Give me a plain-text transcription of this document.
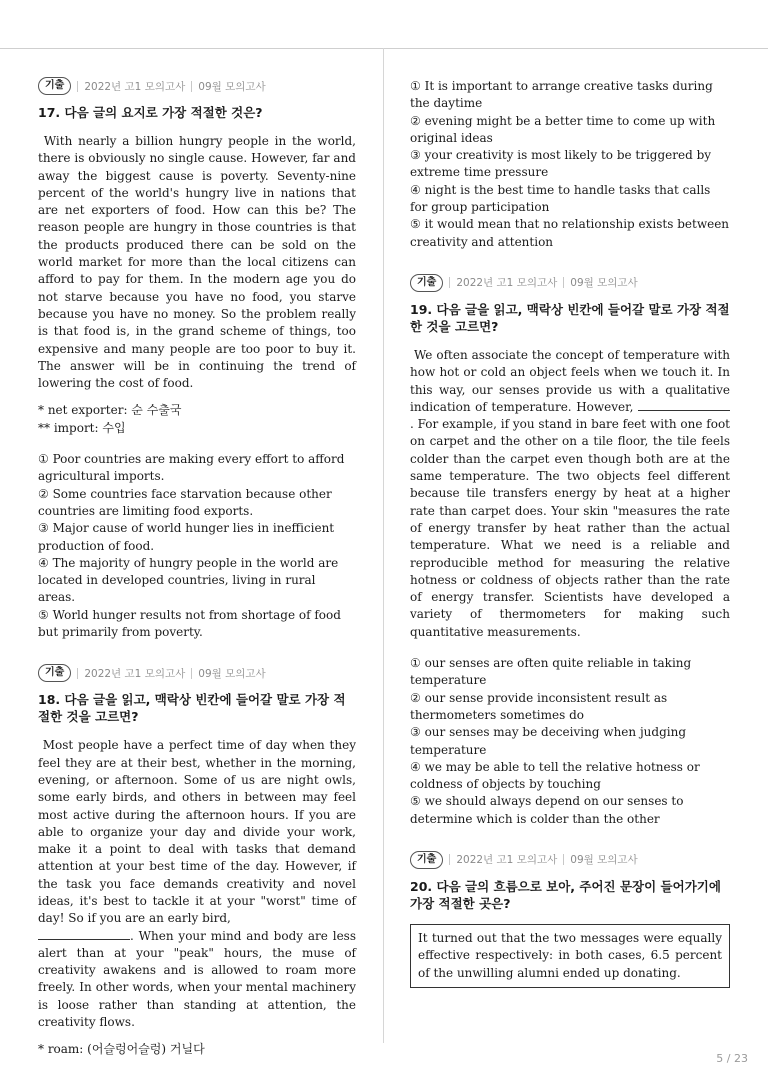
기출	2022년 고1 모의고사 09월 모의고사
17. 다음 글의 요지로 가장 적절한 것은?

With nearly a billion hungry people in the world, there is obviously no single cause. However, far and away the biggest cause is poverty. Seventy-nine percent of the world's hungry live in nations that are net exporters of food. How can this be? The reason people are hungry in those countries is that the products produced there can be sold on the world market for more than the local citizens can afford to pay for them. In the modern age you do not starve because you have no food, you starve because you have no money. So the problem really is that food is, in the grand scheme of things, too expensive and many people are too poor to buy it. The answer will be in continuing the trend of lowering the cost of food.

* net exporter: 순 수출국
** import: 수입
① Poor countries are making every effort to afford agricultural imports.
② Some countries face starvation because other countries are limiting food exports.
③ Major cause of world hunger lies in inefficient production of food.
④ The majority of hungry people in the world are located in developed countries, living in rural areas.
⑤ World hunger results not from shortage of food but primarily from poverty.
기출	2022년 고1 모의고사 09월 모의고사
18. 다음 글을 읽고, 맥락상 빈칸에 들어갈 말로 가장 적절한 것을 고르면?

Most people have a perfect time of day when they feel they are at their best, whether in the morning, evening, or afternoon. Some of us are night owls, some early birds, and others in between may feel most active during the afternoon hours. If you are able to organize your day and divide your work, make it a point to deal with tasks that demand attention at your best time of the day. However, if the task you face demands creativity and novel ideas, it's best to tackle it at your "worst" time of day! So if you are an early bird,
. When your mind and body are less alert than at your "peak" hours, the muse of creativity awakens and is allowed to roam more freely. In other words, when your mental machinery is loose rather than standing at attention, the creativity flows.

* roam: (어슬렁어슬렁) 거닐다
① It is important to arrange creative tasks during the daytime
② evening might be a better time to come up with original ideas
③ your creativity is most likely to be triggered by extreme time pressure
④ night is the best time to handle tasks that calls for group participation
⑤ it would mean that no relationship exists between creativity and attention
기출	2022년 고1 모의고사 09월 모의고사
19. 다음 글을 읽고, 맥락상 빈칸에 들어갈 말로 가장 적절한 것을 고르면?

We often associate the concept of temperature with how hot or cold an object feels when we touch it. In this way, our senses provide us with a qualitative indication of temperature. However, . For example, if you stand in bare feet with one foot on carpet and the other on a tile floor, the tile feels colder than the carpet even though both are at the same temperature. The two objects feel different because tile transfers energy by heat at a higher rate than carpet does. Your skin "measures the rate of energy transfer by heat rather than the actual temperature. What we need is a reliable and reproducible method for measuring the relative hotness or coldness of objects rather than the rate of energy transfer. Scientists have developed a variety of thermometers for making such quantitative measurements.

① our senses are often quite reliable in taking temperature
② our sense provide inconsistent result as thermometers sometimes do
③ our senses may be deceiving when judging temperature
④ we may be able to tell the relative hotness or coldness of objects by touching
⑤ we should always depend on our senses to determine which is colder than the other
기출	2022년 고1 모의고사 09월 모의고사
20. 다음 글의 흐름으로 보아, 주어진 문장이 들어가기에 가장 적절한 곳은?
It turned out that the two messages were equally effective respectively: in both cases, 6.5 percent of the unwilling alumni ended up donating.
5 / 23
